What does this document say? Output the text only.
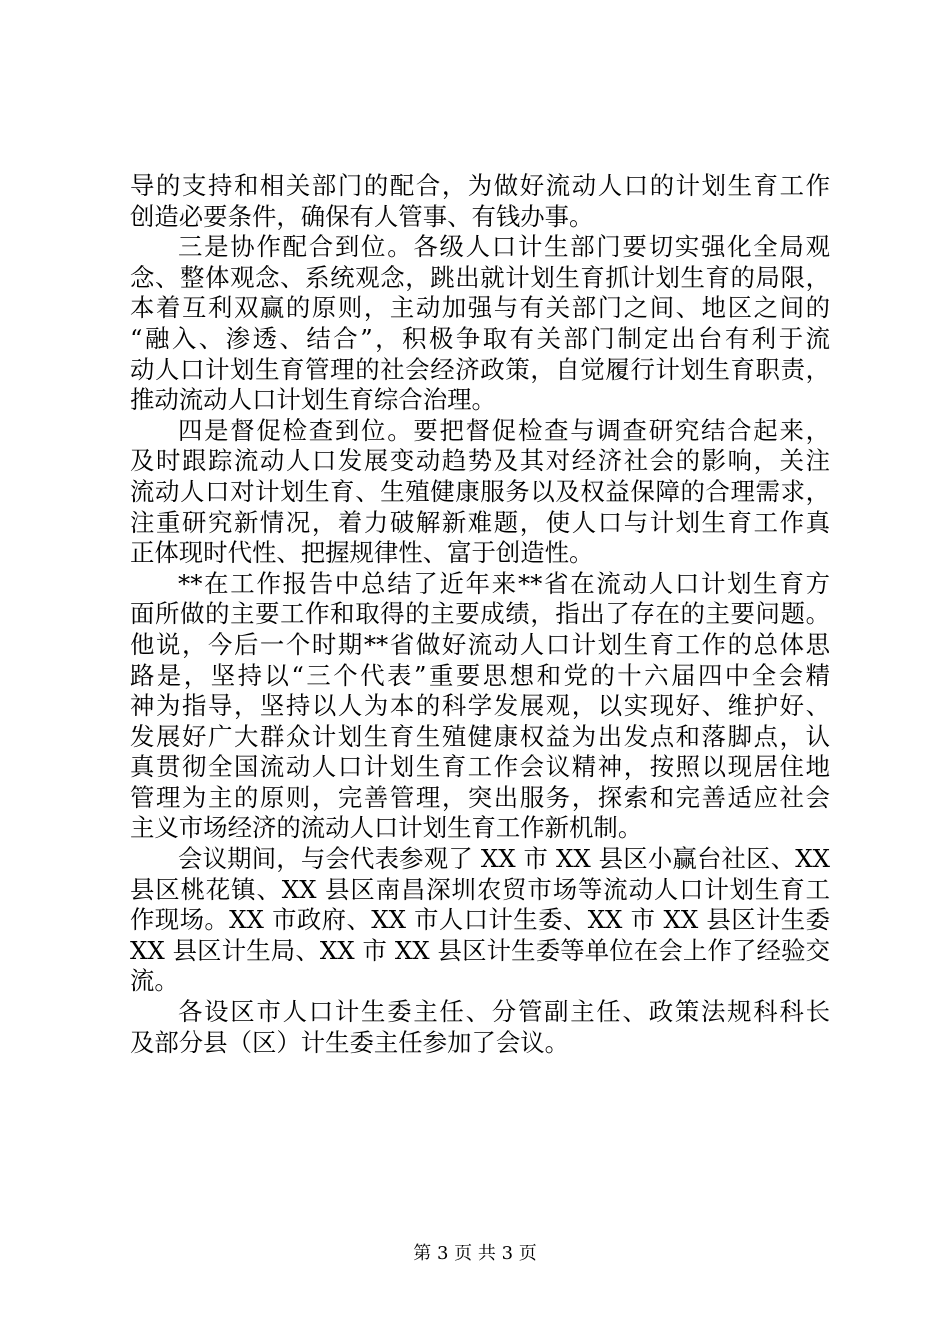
导的支持和相关部门的配合，为做好流动人口的计划生育工作
创造必要条件，确保有人管事、有钱办事。
三是协作配合到位。各级人口计生部门要切实强化全局观
念、整体观念、系统观念，跳出就计划生育抓计划生育的局限，
本着互利双赢的原则，主动加强与有关部门之间、地区之间的
“融入、渗透、结合”，积极争取有关部门制定出台有利于流
动人口计划生育管理的社会经济政策，自觉履行计划生育职责，
推动流动人口计划生育综合治理。
四是督促检查到位。要把督促检查与调查研究结合起来，
及时跟踪流动人口发展变动趋势及其对经济社会的影响，关注
流动人口对计划生育、生殖健康服务以及权益保障的合理需求，
注重研究新情况，着力破解新难题，使人口与计划生育工作真
正体现时代性、把握规律性、富于创造性。
**在工作报告中总结了近年来**省在流动人口计划生育方
面所做的主要工作和取得的主要成绩，指出了存在的主要问题。
他说，今后一个时期**省做好流动人口计划生育工作的总体思
路是，坚持以“三个代表”重要思想和党的十六届四中全会精
神为指导，坚持以人为本的科学发展观，以实现好、维护好、
发展好广大群众计划生育生殖健康权益为出发点和落脚点，认
真贯彻全国流动人口计划生育工作会议精神，按照以现居住地
管理为主的原则，完善管理，突出服务，探索和完善适应社会
主义市场经济的流动人口计划生育工作新机制。
会议期间，与会代表参观了 XX 市 XX 县区小赢台社区、XX
县区桃花镇、XX 县区南昌深圳农贸市场等流动人口计划生育工
作现场。XX 市政府、XX 市人口计生委、XX 市 XX 县区计生委
XX 县区计生局、XX 市 XX 县区计生委等单位在会上作了经验交
流。
各设区市人口计生委主任、分管副主任、政策法规科科长
及部分县（区）计生委主任参加了会议。
第 3 页 共 3 页
